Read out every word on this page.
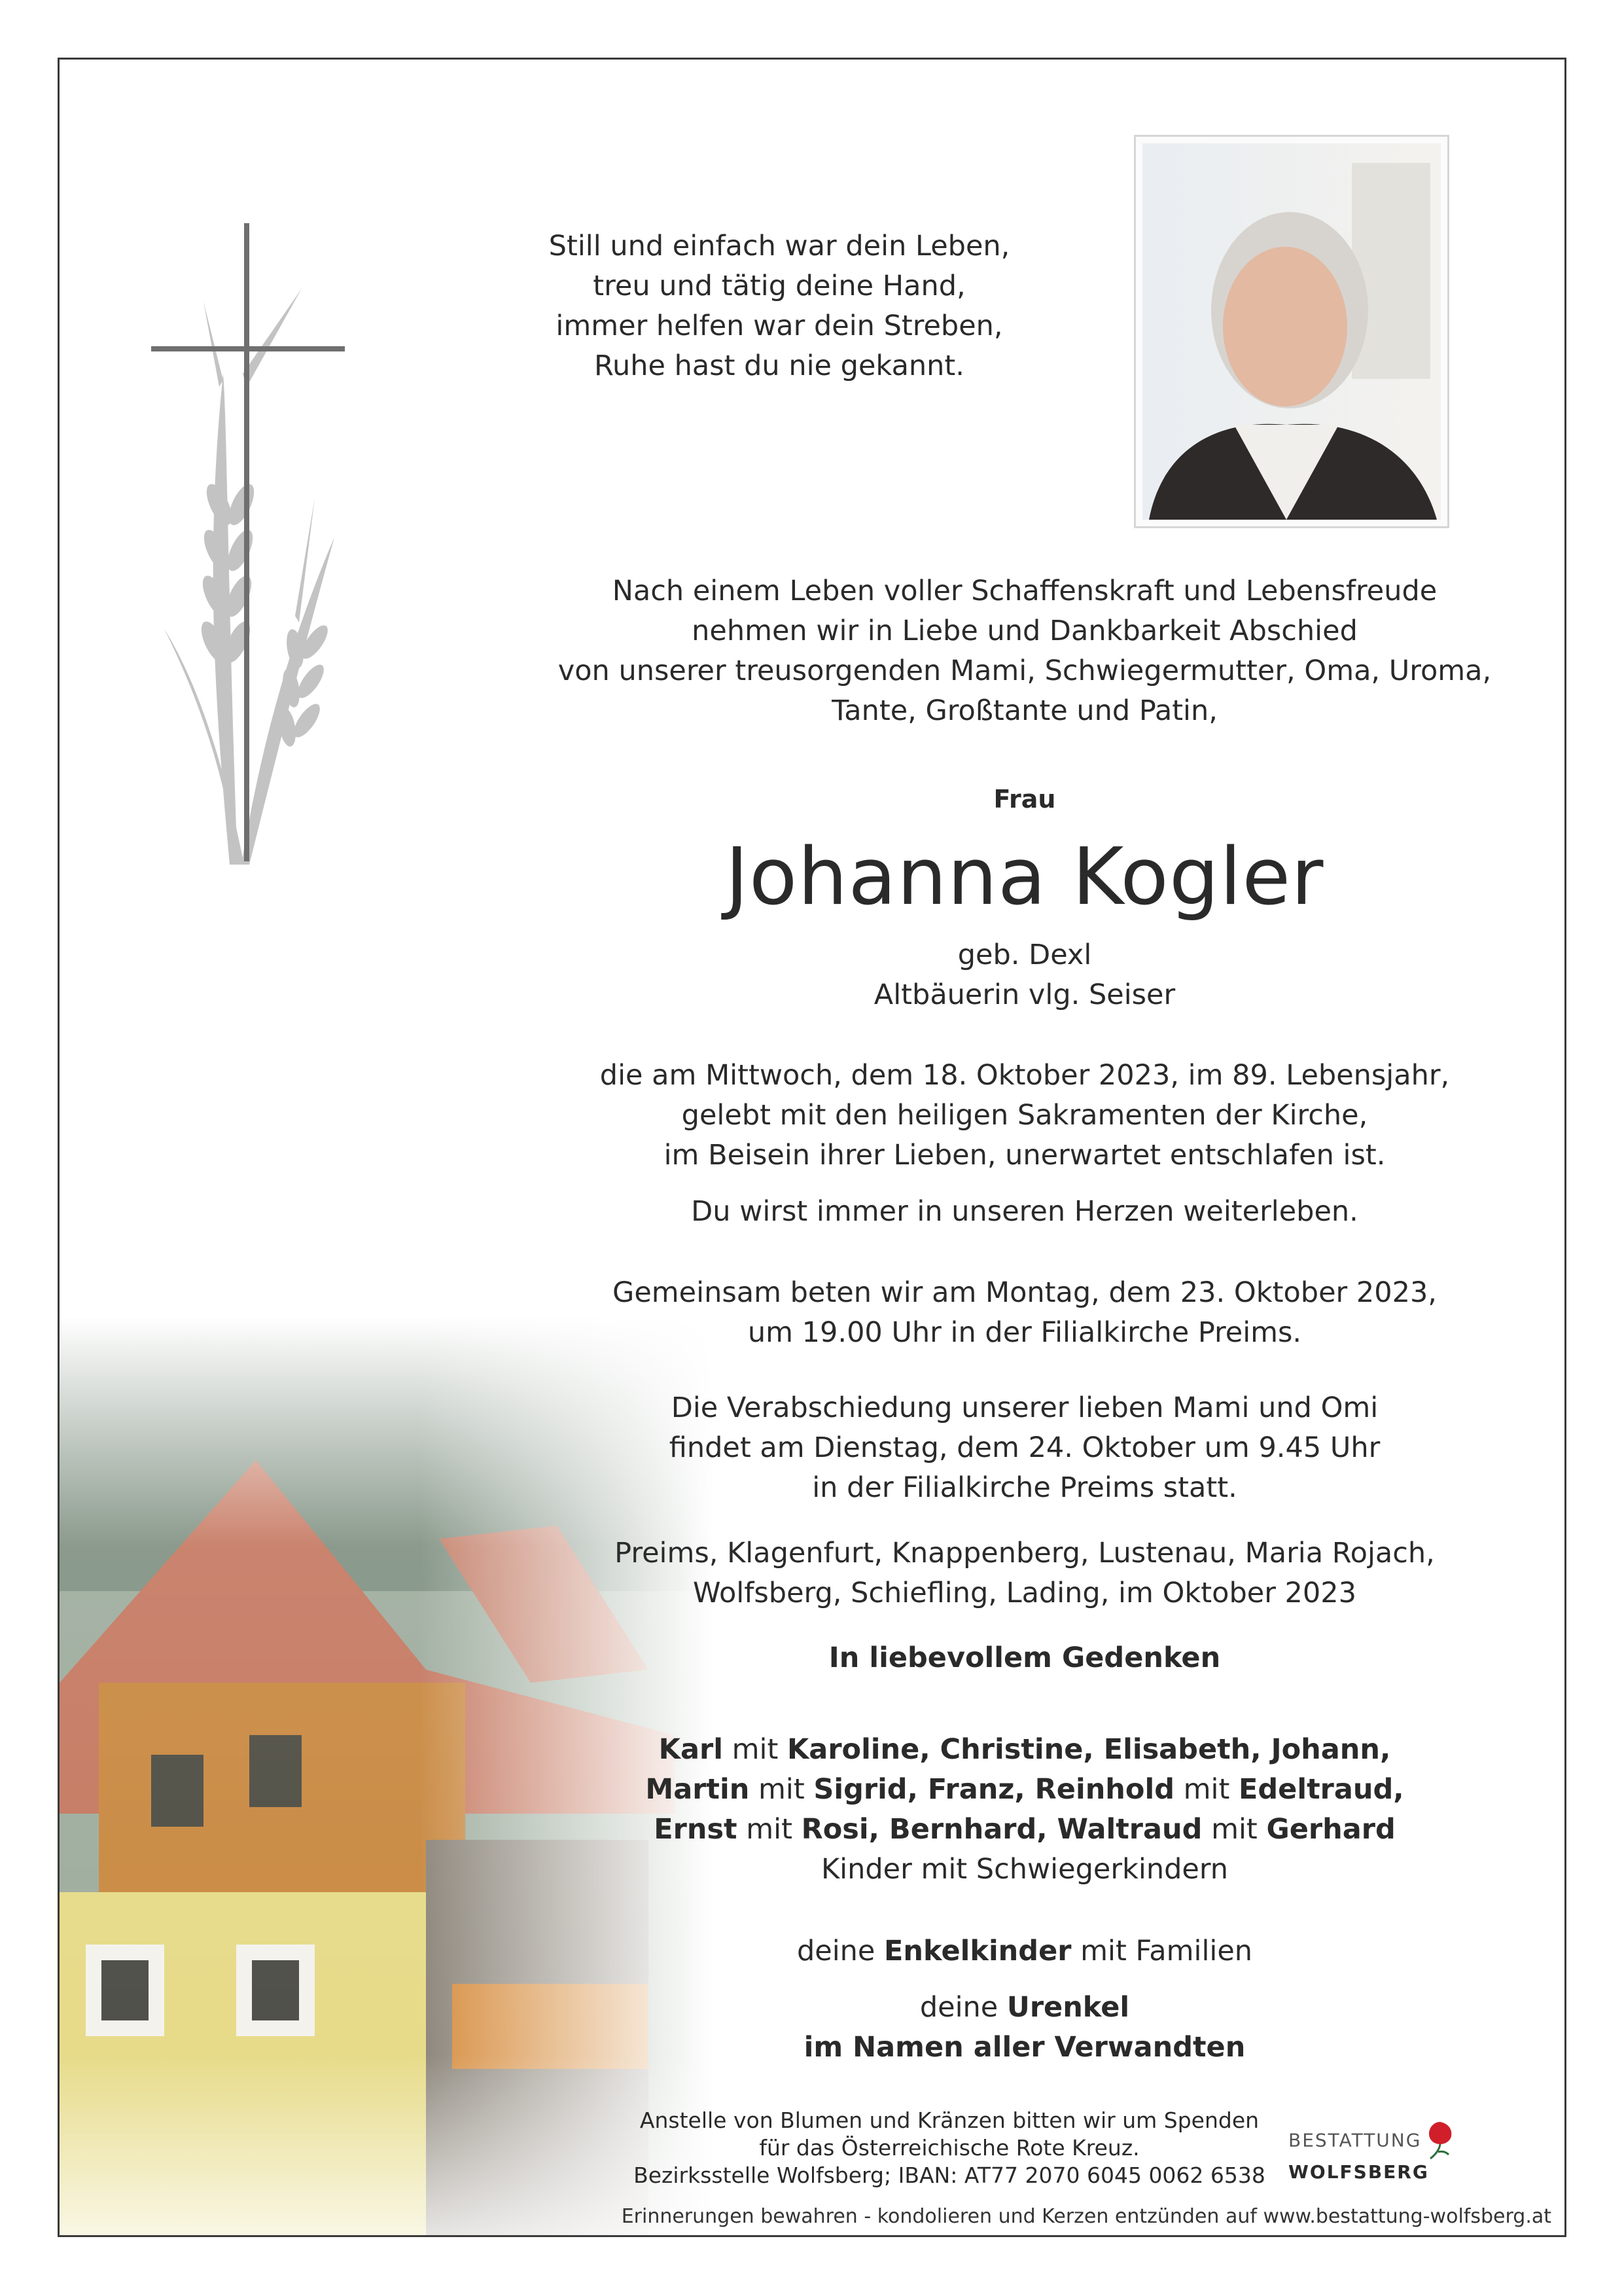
Still und einfach war dein Leben,
treu und tätig deine Hand,
immer helfen war dein Streben,
Ruhe hast du nie gekannt.
Nach einem Leben voller Schaffenskraft und Lebensfreude
nehmen wir in Liebe und Dankbarkeit Abschied
von unserer treusorgenden Mami, Schwiegermutter, Oma, Uroma,
Tante, Großtante und Patin,
Frau
Johanna Kogler
geb. Dexl
Altbäuerin vlg. Seiser
die am Mittwoch, dem 18. Oktober 2023, im 89. Lebensjahr,
gelebt mit den heiligen Sakramenten der Kirche,
im Beisein ihrer Lieben, unerwartet entschlafen ist.
Du wirst immer in unseren Herzen weiterleben.
Gemeinsam beten wir am Montag, dem 23. Oktober 2023,
um 19.00 Uhr in der Filialkirche Preims.
Die Verabschiedung unserer lieben Mami und Omi
findet am Dienstag, dem 24. Oktober um 9.45 Uhr
in der Filialkirche Preims statt.
Preims, Klagenfurt, Knappenberg, Lustenau, Maria Rojach,
Wolfsberg, Schiefling, Lading, im Oktober 2023
In liebevollem Gedenken
Karl mit Karoline, Christine, Elisabeth, Johann,
Martin mit Sigrid, Franz, Reinhold mit Edeltraud,
Ernst mit Rosi, Bernhard, Waltraud mit Gerhard
Kinder mit Schwiegerkindern
deine Enkelkinder mit Familien
deine Urenkel
im Namen aller Verwandten
Anstelle von Blumen und Kränzen bitten wir um Spenden
für das Österreichische Rote Kreuz.
Bezirksstelle Wolfsberg; IBAN: AT77 2070 6045 0062 6538
BESTATTUNG  WOLFSBERG
Erinnerungen bewahren - kondolieren und Kerzen entzünden auf www.bestattung-wolfsberg.at
